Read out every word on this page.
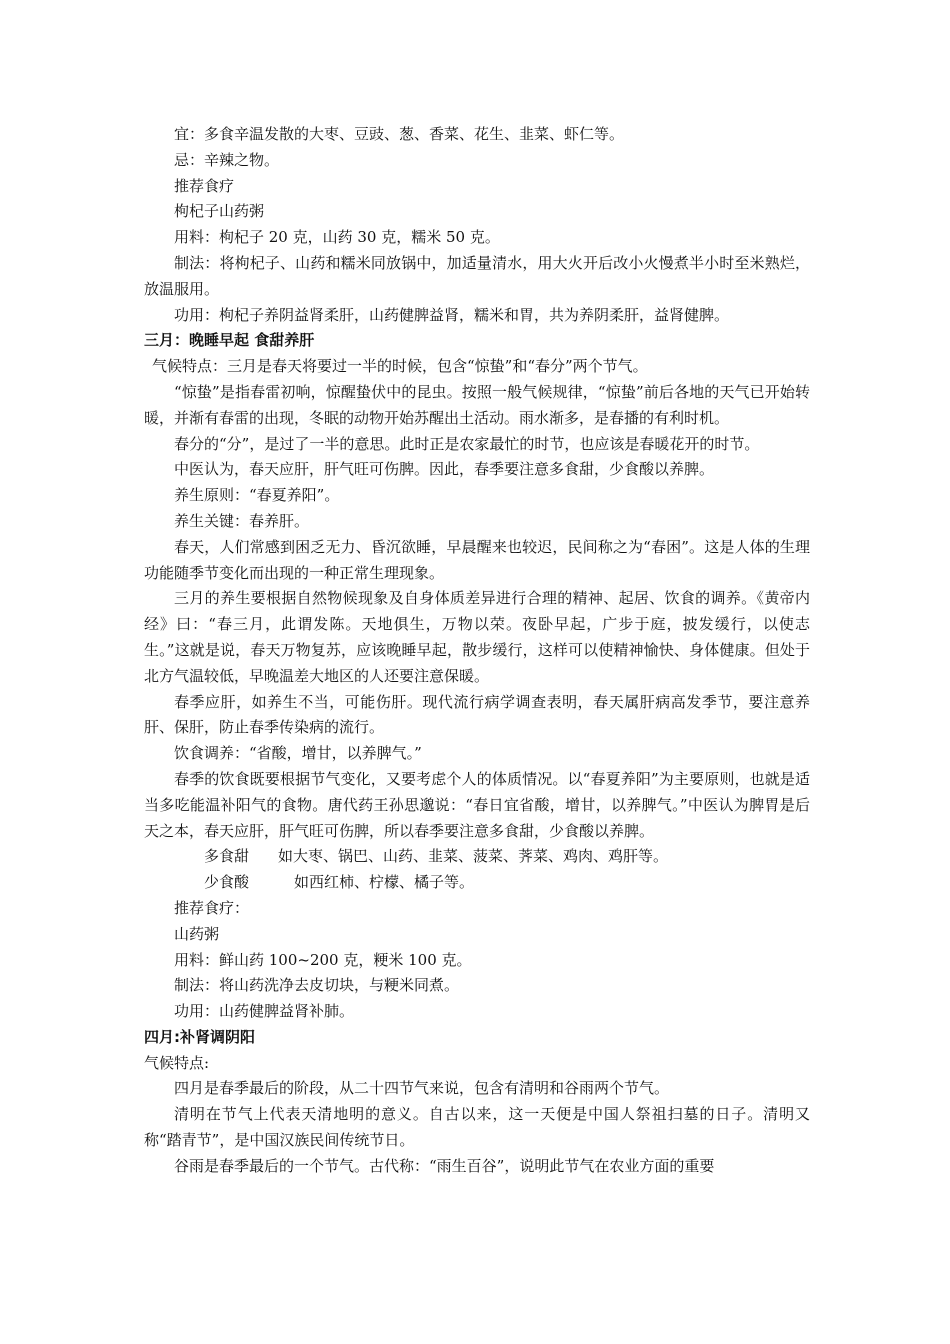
宜：多食辛温发散的大枣、豆豉、葱、香菜、花生、韭菜、虾仁等。

忌：辛辣之物。

推荐食疗

枸杞子山药粥

用料：枸杞子 20 克，山药 30 克，糯米 50 克。

制法：将枸杞子、山药和糯米同放锅中，加适量清水，用大火开后改小火慢煮半小时至米熟烂，放温服用。

功用：枸杞子养阴益肾柔肝，山药健脾益肾，糯米和胃，共为养阴柔肝，益肾健脾。

三月：晚睡早起 食甜养肝

气候特点：三月是春天将要过一半的时候，包含“惊蛰”和“春分”两个节气。

“惊蛰”是指春雷初响，惊醒蛰伏中的昆虫。按照一般气候规律，“惊蛰”前后各地的天气已开始转暖，并渐有春雷的出现，冬眠的动物开始苏醒出土活动。雨水渐多，是春播的有利时机。

春分的“分”，是过了一半的意思。此时正是农家最忙的时节，也应该是春暖花开的时节。

中医认为，春天应肝，肝气旺可伤脾。因此，春季要注意多食甜，少食酸以养脾。

养生原则：“春夏养阳”。

养生关键：春养肝。

春天，人们常感到困乏无力、昏沉欲睡，早晨醒来也较迟，民间称之为“春困”。这是人体的生理功能随季节变化而出现的一种正常生理现象。

三月的养生要根据自然物候现象及自身体质差异进行合理的精神、起居、饮食的调养。《黄帝内经》曰：“春三月，此谓发陈。天地俱生，万物以荣。夜卧早起，广步于庭，披发缓行，以使志生。”这就是说，春天万物复苏，应该晚睡早起，散步缓行，这样可以使精神愉快、身体健康。但处于北方气温较低，早晚温差大地区的人还要注意保暖。

春季应肝，如养生不当，可能伤肝。现代流行病学调查表明，春天属肝病高发季节，要注意养肝、保肝，防止春季传染病的流行。

饮食调养：“省酸，增甘，以养脾气。”

春季的饮食既要根据节气变化，又要考虑个人的体质情况。以“春夏养阳”为主要原则，也就是适当多吃能温补阳气的食物。唐代药王孙思邈说：“春日宜省酸，增甘，以养脾气。”中医认为脾胃是后天之本，春天应肝，肝气旺可伤脾，所以春季要注意多食甜，少食酸以养脾。

多食甜 如大枣、锅巴、山药、韭菜、菠菜、荠菜、鸡肉、鸡肝等。

少食酸	如西红柿、柠檬、橘子等。

推荐食疗：

山药粥

用料：鲜山药 100~200 克，粳米 100 克。

制法：将山药洗净去皮切块，与粳米同煮。

功用：山药健脾益肾补肺。

四月:补肾调阴阳

气候特点:

四月是春季最后的阶段，从二十四节气来说，包含有清明和谷雨两个节气。

清明在节气上代表天清地明的意义。自古以来，这一天便是中国人祭祖扫墓的日子。清明又称“踏青节”，是中国汉族民间传统节日。

谷雨是春季最后的一个节气。古代称：“雨生百谷”，说明此节气在农业方面的重要
